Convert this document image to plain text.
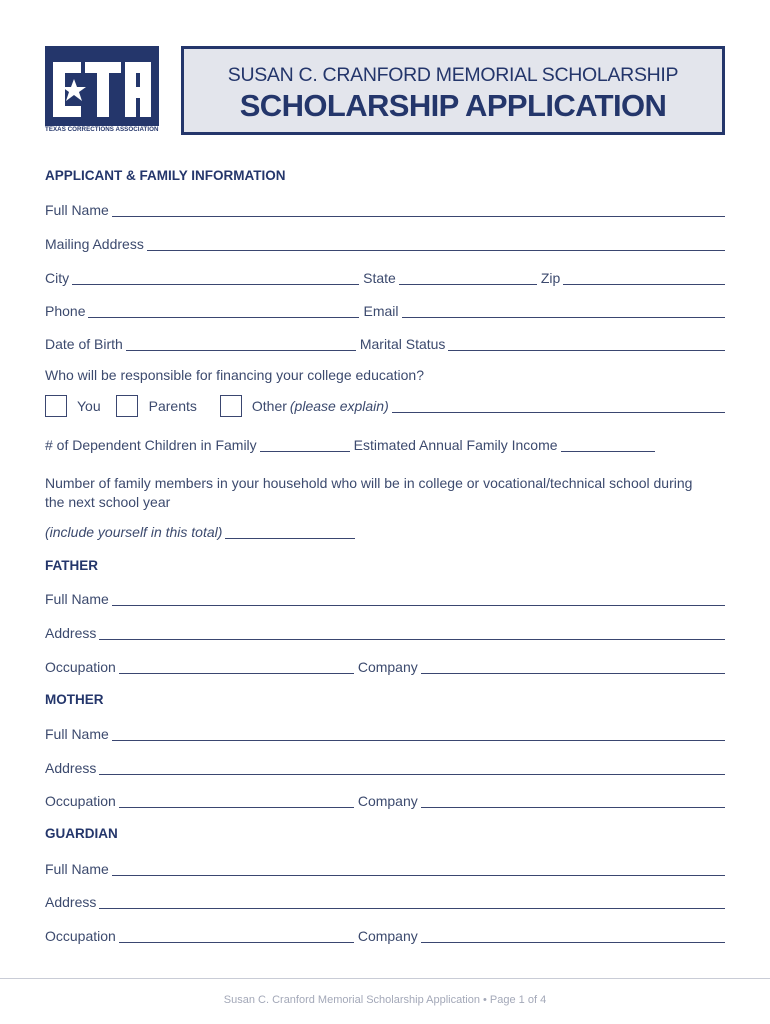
TEXAS CORRECTIONS ASSOCIATION
SUSAN C. CRANFORD MEMORIAL SCHOLARSHIP
SCHOLARSHIP APPLICATION
APPLICANT & FAMILY INFORMATION
Full Name
Mailing Address
City	State	Zip
Phone	Email
Date of Birth	Marital Status
Who will be responsible for financing your college education?
You	Parents	Other (please explain)
# of Dependent Children in Family	Estimated Annual Family Income
Number of family members in your household who will be in college or vocational/technical school during the next school year
(include yourself in this total)
FATHER
Full Name
Address
Occupation	Company
MOTHER
Full Name
Address
Occupation	Company
GUARDIAN
Full Name
Address
Occupation	Company
Susan C. Cranford Memorial Scholarship Application • Page 1 of 4
